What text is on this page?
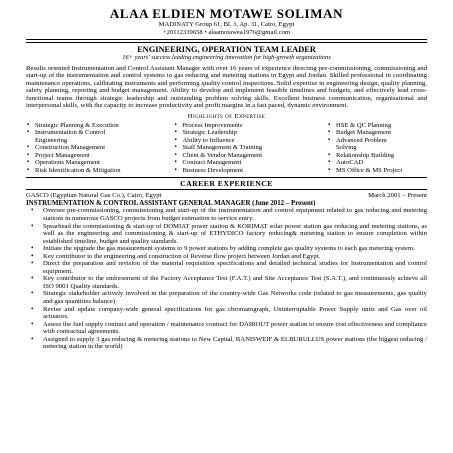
ALAA ELDIEN MOTAWE SOLIMAN
MADINATY Group 61, Bl. 3, Ap. 31, Cairo, Egypt
+20112339658 • alaamotawea1976@gmail.com
ENGINEERING, OPERATION TEAM LEADER
16+ years' success leading engineering innovation for high-growth organizations
Results oriented Instrumentation and Control Assistant Manager with over 16 years of experience directing pre-commissioning, commissioning and start-up of the instrumentation and control systems to gas reducing and metering stations in Egypt and Jordan. Skilled professional in coordinating maintenance operations, calibrating instruments and performing quality control inspections. Solid expertise in engineering design, quality planning, safety planning, reporting and budget management. Ability to develop and implement feasible timelines and budgets, and effectively lead cross-functional teams through strategic leadership and outstanding problem solving skills. Excellent business communication, organisational and interpersonal skills, with the capacity to increase productivity and profit margins in a fast paced, dynamic environment.
Highlights of Expertise
▪ Strategic Planning & Execution
▪ Instrumentation & Control
Engineering
▪ Construction Management
▪ Project Management
▪ Operations Management
▪ Risk Identification & Mitigation
▪ Process Improvements
▪ Strategic Leadership
▪ Ability to Influence
▪ Staff Management & Training
▪ Client & Vendor Management
▪ Contract Management
▪ Business Development
▪ HSE & QC Planning
▪ Budget Management
▪ Advanced Problem
Solving
▪ Relationship Building
▪ AutoCAD
▪ MS Office & MS Project
CAREER EXPERIENCE
GASCO (Egyptian Natural Gas Co.), Cairo, Egypt	March 2001 – Present
INSTRUMENTATION & CONTROL ASSISTANT GENERAL MANAGER (June 2012 – Present)
• Oversee pre-commissioning, commissioning and start-up of the instrumentation and control equipment related to gas reducing and metering stations in numerous GASCO projects from budget estimation to service entry.
• Spearhead the commissioning & start-up of DOMIAT power station & KORIMAT solar power station gas reducing and metering stations, as well as the engineering and commissioning & start-up of ETHYDICO factory reducing& metering station to ensure completion within established timeline, budget and quality standards.
• Initiate the upgrade the gas measurement systems to 9 power stations by adding complete gas quality systems to each gas metering system.
• Key contributor to the engineering and construction of Reverse flow project between Jordan and Egypt.
• Direct the preparation and revision of the material requisition specifications and detailed technical studies for Instrumentation and control equipment.
• Key contributor to the endorsement of the Factory Acceptance Test (F.A.T.) and Site Acceptance Test (S.A.T.), and continuously achieve all ISO 9001 Quality standards.
• Strategic stakeholder actively involved in the preparation of the country-wide Gas Networks code (related to gas measurements, gas quality and gas quantities balance).
• Revise and update company-wide general specifications for gas chromatograph, Uninterruptable Power Supply units and Gas over oil actuators.
• Assess the fuel supply contract and operation / maintenance contract for DAIROUT power station to ensure cost effectiveness and compliance with contractual agreements.
• Assigned to supply 3 gas reducing & metering stations to New Capital, BANISWEIF & ELBURULLUS power stations (the biggest reducing / metering station in the world)
